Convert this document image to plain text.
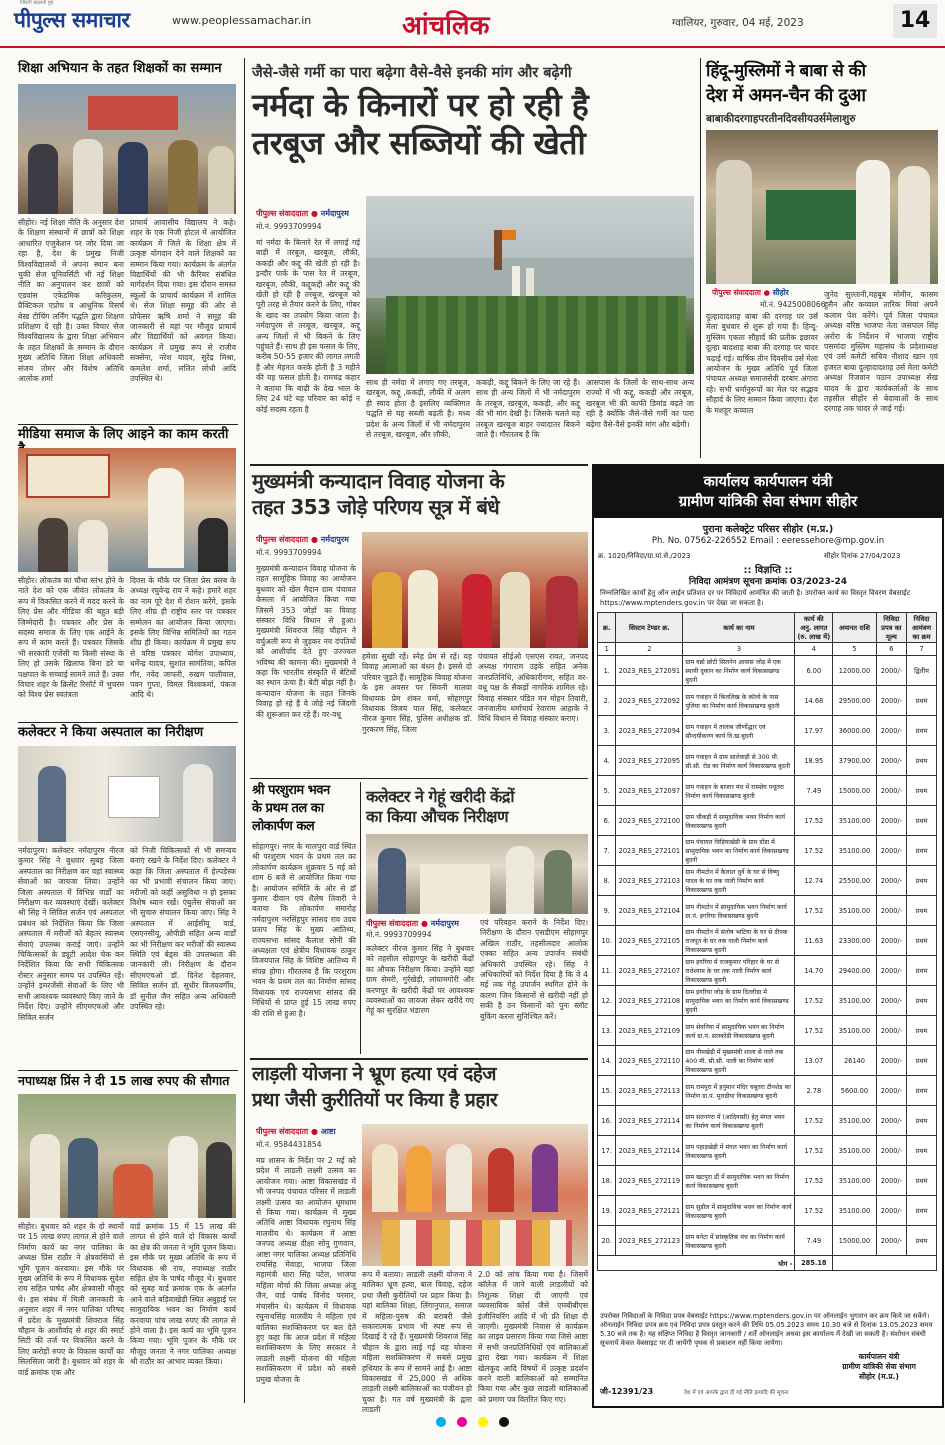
पीपुल्स समाचार
जिंदगी बदलती हुई
www.peoplessamachar.in	आंचलिक	ग्वालियर, गुरुवार, 04 मई, 2023	14
शिक्षा अभियान के तहत शिक्षकों का सम्मान
सीहोर। नई शिक्षा नीति के अनुसार देश के शिक्षण संस्थानों में छात्रों को शिक्षा आधारित एजुकेशन पर जोर दिया जा रहा है, देश के प्रमुख निजी विश्वविद्यालयों में अपना स्थान बना चुकी सेज यूनिवर्सिटी भी नई शिक्षा नीति का अनुपालन कर छात्रों को एडवांस एकेडमिक करिकुलम, प्रैक्टिकल एप्रोच व आधुनिक रिसर्च बेस्ड टीचिंग लर्निंग पद्धति द्वारा शिक्षण प्रशिक्षण दे रही है। उक्त विचार सेज विश्वविद्यालय के द्वारा शिक्षा अभियान के तहत शिक्षकों के सम्मान के दौरान मुख्य अतिथि जिला शिक्षा अधिकारी संजय तोमर और विशेष अतिथि आलोक शर्मा
प्राचार्य आवासीय विद्यालय ने कहे। शहर के एक निजी होटल में आयोजित कार्यक्रम में जिले के शिक्षा क्षेत्र में उत्कृष्ट योगदान देने वाले शिक्षकों का सम्मान किया गया। कार्यक्रम के अंतर्गत विद्यार्थियों की भी कैरियर संबंधित मार्गदर्शन दिया गया। इस दौरान समस्त स्कूलों के प्राचार्य कार्यक्रम में शामिल थे। सेज शिक्षा समूह की ओर से प्रोफेसर ऋषि शर्मा ने समूह की जानकारी से यहां पर मौजूद प्राचार्य और विद्यार्थियों को अवगत किया। कार्यक्रम में प्रमुख रूप से राजीव सक्सेना, नरेश यादव, सुरेंद्र मिश्रा, कमलेश शर्मा, ललित लोधी आदि उपस्थित थे।
मीडिया समाज के लिए आइने का काम करती
सीहोर। लोकतंत्र का चौथा स्तंभ होने के नाते देश को एक जीवंत लोकतंत्र के रूप में विकसित करने में मदद करने के लिए प्रेस और मीडिया की बहुत बड़ी जिम्मेदारी है। पत्रकार और प्रेस के सदस्य समाज के लिए एक आईने के रूप में काम करते हैं। पत्रकार जिसके भी सरकारी एजेंसी या किसी संस्था के लिए हो उसके खिलाफ बिना डरे या पक्षपात के सच्चाई सामने लाते हैं। उक्त विचार शहर के क्रिसेंट रिसॉर्ट में भुचरम को विश्व प्रेस स्वतंत्रता
दिवस के मौके पर जिला प्रेस क्लब के अध्यक्ष रघुवेन्द्र राय ने कहे। हमारे शहर का नाम पूरे देश में रोशन करेंगे, इसके लिए शीघ्र ही राष्ट्रीय स्तर पर पत्रकार सम्मेलन का आयोजन किया जाएगा। इसके लिए विभिन्न समितियों का गठन शीघ्र ही किया। कार्यक्रम में प्रमुख रूप से वरिष्ठ पत्रकार योगेश उपाध्याय, धर्मेन्द्र यादव, सुशांत सामंतिया, कपिल गौर, नवेद जाफरी, रुखम पालीवाल, पवन गुप्ता, विमल विश्वकर्मा, पंकज आदि थे।
कलेक्टर ने किया अस्पताल का निरीक्षण
नर्मदापुरम। कलेक्टर नर्मदापुरम नीरज कुमार सिंह ने बुधवार सुबह जिला अस्पताल का निरीक्षण कर वहां स्वास्थ्य सेवाओं का जायजा लिया। उन्होंने जिला अस्पताल में विभिन्न वार्डों का निरीक्षण कर व्यवस्थाएं देखीं। कलेक्टर श्री सिंह ने सिविल सर्जन एवं अस्पताल प्रबंधन को निर्देशित किया कि जिला अस्पताल में मरीजों को बेहतर स्वास्थ्य सेवाएं उपलब्ध कराई जाएं। उन्होंने चिकित्सकों के ड्यूटी आदेश चेक कर निर्देशित किया कि सभी चिकित्सक रोस्टर अनुसार समय पर उपस्थित रहें। उन्होंने इमरजेंसी सेवाओं के लिए भी सभी आवश्यक व्यवस्थाएं किए जाने के निर्देश दिए। उन्होंने सीएमएचओ और सिविल सर्जन
को निजी चिकित्सकों से भी समन्वय बनाएं रखने के निर्देश दिए। कलेक्टर ने कहा कि जिला अस्पताल में हेल्पडेस्क का भी प्रभावी संचालन किया जाए। मरीजों को कहीं असुविधा न हो इसका विशेष ध्यान रखें। एंबुलेंस सेवाओं का भी सुचारु संचालन किया जाए। सिंह ने अस्पताल में आईसीयू वार्ड, एसएनसीयू, ओपीडी सहित अन्य वार्डों का भी निरीक्षण कर मरीजों की स्वास्थ्य स्थिति एवं बेड्स की उपलब्धता की जानकारी ली। निरीक्षण के दौरान सीएमएचओ डॉ. दिनेश देहलवार, सिविल सर्जन डॉ. सुधीर विजयवर्गीय, डॉ सुनील जैन सहित अन्य अधिकारी उपस्थित रहे।
नपाध्यक्ष प्रिंस ने दी 15 लाख रुपए की सौगात
सीहोर। बुधवार को शहर के दो स्थानों पर 15 लाख रुपए लागत से होने वाले निर्माण कार्य का नगर पालिका के अध्यक्ष प्रिंस राठौर ने क्षेत्रवासियों से भूमि पूजन करवाया। इस मौके पर मुख्य अतिथि के रूप में विधायक सुदेश राय सहित पार्षद और क्षेत्रवासी मौजूद थे। इस संबंध में मिली जानकारी के अनुसार शहर में नगर पालिका परिषद में प्रदेश के मुख्यमंत्री शिवराज सिंह चौहान के आशीर्वाद से शहर की स्मार्ट सिटी की तर्ज पर विकसित करने के लिए करोड़ों रुपए के विकास कार्यों का सिलसिला जारी है। बुधवार को शहर के वार्ड क्रमांक एक और
वार्ड क्रमांक 15 में 15 लाख की लागत से होने वाले दो विकास कार्यों का क्षेत्र की जनता ने भूमि पूजन किया। इस मौके पर मुख्य अतिथि के रूप में विधायक श्री राय, नपाध्यक्ष राठौर सहित क्षेत्र के पार्षद मौजूद थे। बुधवार को सुबह वार्ड क्रमांक एक के अंतर्गत आने वाले बड़ियाखेड़ी स्थित अबुहाई पर सामुदायिक भवन का निर्माण कार्य करवाया पांच लाख रुपए की लागत से होने वाला है। इस कार्य का भूमि पूजन किया गया। भूमि पूजन के मौके पर मौजूद जनता ने नगर पालिका अध्यक्ष श्री राठौर का आभार व्यक्त किया।
जैसे-जैसे गर्मी का पारा बढ़ेगा वैसे-वैसे इनकी मांग और बढ़ेगी
नर्मदा के किनारों पर हो रही है
तरबूज और सब्जियों की खेती
पीपुल्स संवाददाता ● नर्मदापुरम
मो.नं. 9993709994
मां नर्मदा के किनारे रेत में लगाई गई बाड़ी में तरबूज, खरबूज, लौकी, ककड़ी और कद्दू की खेती हो रही है। इन्दौर पार्क के पास रेत में तरबूज, खरबूज, लौकी, कद्दूकद्दी और कद्दू की खेती हो रही है तरबूज, खरबूज को पूरी तरह से तैयार करने के लिए, गोबर के खाद का उपयोग किया जाता है। नर्मदापुरम से तरबूज, खरबूज, कद्दू अन्य जिलों में भी बिकने के लिए पहुंचते हैं। साथ ही इस फसल के लिए, करीब 50-55 हजार की लागत लगती है और मेहनत करके होती है 3 महीने की यह फसल होती है। रामचंद्र कहार ने बताया कि बाढ़ी के देख भाल के लिए 24 घंटे यह परिवार का कोई न कोई सदस्य रहता है
साथ ही नर्मदा में लगाए गए तरबूज, खरबूज, कद्दू ,ककड़ी, लौकी में अलग ही स्वाद होता है इसलिए व्यक्तिगत पद्धति से यह सब्जी बढ़ती है। मध्य प्रदेश के अन्य जिलों में भी नर्मदापुरम से तरबूज, खरबूज, और लौकी,
ककड़ी, कद्दू बिकने के लिए जा रहे हैं। साथ ही अन्य जिलों में भी नर्मदापुरम के तरबूज, खरबूज, ककड़ी, और कद्दू की भी मांग देखी है। जिसके चलते यह तरबूज खरबूज बाहर ज्यादातर बिकने जाते हैं। गौरतलब है कि
आसपास के जिलों के साथ-साथ अन्य राज्यों में भी कद्दू, ककड़ी और तरबूज, खरबूज भी की काफी डिमांड बढ़ते जा रही है क्योंकि जैसे-जैसे गर्मी का पारा बढ़ेगा वैसे-वैसे इनकी मांग और बढ़ेगी।
हिंदू-मुस्लिमों ने बाबा से की
देश में अमन-चैन की दुआ
बाबाकीदरगाहपरतीनदिवसीयउर्समेलाशुरु
पीपुल्स संवाददाता ● सीहोर
मो.नं. 9425008066
दुल्हादादशाह बाबा की दरगाह पर उर्स मेला बुधवार से शुरू हो गया है। हिन्दू-मुस्लिम एकता सौहार्द की प्रतीक इछावर दूल्हा बादशाह बाबा की दरगाह पर चादर चढ़ाई गई। वार्षिक तीन दिवसीय उर्स मेला आयोजन के मुख्य अतिथि पूर्व जिला पंचायत अध्यक्ष समाजसेवी दरबार अंगारा रहे। सभी धर्मानुरूपों का मेल पर सद्भाव सौहार्द के लिए सम्मान किया जाएगा। देश के मशहूर कव्वाल
जुनेद सुल्तानी,महबूब मोमीन, कासम हुसैन और कव्वाल तारिक मियां अपने कलाम पेश करेंगे। पूर्व जिला पंचायत अध्यक्ष वरिष्ठ भाजपा नेता जसपाल सिंह अरोरा के निर्देशन में भाजपा राष्ट्रीय पसमांदा मुस्लिम महासंघ के प्रदेशाध्यक्ष एवं उर्स कमेटी सचिव नौशाद खान एवं हजरत बाबा दुल्हादादशाह उर्स मेला कमेटी अध्यक्ष रिजवान पठान उपाध्यक्ष सेख यादव के द्वारा कार्यकर्ताओं के साथ तहसील सीहोर से बेदावाओं के साथ दरगाह तक चादर ले जाई गई।
मुख्यमंत्री कन्यादान विवाह योजना के
तहत 353 जोड़े परिणय सूत्र में बंधे
पीपुल्स संवाददाता ● नर्मदापुरम
मो.नं. 9993709994
मुख्यमंत्री कन्यादान विवाह योजना के तहत सामूहिक विवाह का आयोजन बुधवार को खेल मैदान ग्राम पंचायत केसला में आयोजित किया गया जिसमें 353 जोड़ों का विवाह संस्कार विधि विधान से हुआ। मुख्यमंत्री शिवराज सिंह चौहान ने वर्चुअली रूप से जुड़कर नव दंपतियों को आशीर्वाद देते हुए उज्ज्वल भविष्य की कामना की। मुख्यमंत्री ने कहा कि भारतीय संस्कृति में बेटियों का स्थान ऊंचा है। बेटी बोझ नहीं है। कन्यादान योजना के तहत जिनके विवाह हो रहे हैं वे जोड़े नई जिंदगी की शुरूआत कर रहे हैं। वर-वधू
हमेशा सुखी रहें। स्नेह प्रेम से रहें। यह विवाह आत्माओं का बंधन है। इससे दो परिवार जुड़ते हैं। सामूहिक विवाह योजना के इस अवसर पर सिवनी मालवा विधायक प्रेम शंकर वर्मा, सोहागपुर विधायक विजय पाल सिंह, कलेक्टर नीरज कुमार सिंह, पुलिस अधीक्षक डॉ. गुरकरण सिंह, जिला
पंचायत सीईओ एसएस रावत, जनपद अध्यक्ष गंगाराम उइके सहित अनेक जनप्रतिनिधि, अधिकारीगण, सहित वर-वधू पक्ष के सैकड़ों नागरिक शामिल रहे। विवाह संस्कार पंडित मन मोहन तिवारी, जनजातीय धर्माचार्य रेवाराम आहाके ने विधि विधान से विवाह संस्कार कराए।
श्री परशुराम भवन
के प्रथम तल का
लोकार्पण कल
सोहागपुर। नगर के मालपुरा वार्ड स्थित श्री परशुराम भवन के प्रथम तल का लोकार्पण कार्यक्रम शुक्रवार 5 मई को शाम 6 बजे से आयोजित किया गया है। आयोजन समिति के ओर से डॉ कुमार दीवान एवं शैलेष तिवारी ने बताया कि लोकार्पण समारोह नर्मदापुरम नरसिंहपुर सांसद राव उदय प्रताप सिंह के मुख्य आतिथ्य, राज्यसभा सांसद कैलाश सोनी की अध्यक्षता एवं क्षेत्रीय विधायक ठाकुर विजयपाल सिंह के विशिष्ट आतिथ्य में संपन्न होगा। गौरतलब है कि परशुराम भवन के प्रथम तल का निर्माण सांसद विधायक एवं राज्यसभा सांसद की निधियों से प्राप्त हुई 15 लाख रुपए की राशि से हुआ है।
कलेक्टर ने गेहूं खरीदी केंद्रों
का किया औचक निरीक्षण
पीपुल्स संवाददाता ● नर्मदापुरम
मो.नं. 9993709994
कलेक्टर नीरज कुमार सिंह ने बुधवार को तहसील सोहागपुर के खरीदी केंद्रों का औचक निरीक्षण किया। उन्होंने यहां ग्राम सेमरी, गुर्रखेड़ी, लांघामगोरी और करणपुर के खरीदी केंद्रों पर आवश्यक व्यवस्थाओं का जायजा लेकर खरीदे गए गेहूं का सुरक्षित भंडारण
एवं परिवहन कराने के निर्देश दिए। निरीक्षण के दौरान एसडीएम सोहागपुर अखिल राठौर, तहसीलदार आलोक एक्का सहित अन्य उपार्जन संबंधी अधिकारी उपस्थित रहे। सिंह ने अधिकारियों को निर्देश दिया है कि वे 4 मई तक गेहूं उपार्जन स्थगित होने के कारण जिन किसानों से खरीदी नहीं हो सकी है उन किसानों को पुनः स्लॉट बुकिंग करना सुनिश्चित करें।
लाड़ली योजना ने भ्रूण हत्या एवं दहेज
प्रथा जैसी कुरीतियों पर किया है प्रहार
पीपुल्स संवाददाता ● आष्टा
मो.नं. 9584431854
मप्र शासन के निर्देश पर 2 मई को प्रदेश में लाडली लक्ष्मी उत्सव का आयोजन गया। आष्टा विकासखंड में भी जनपद पंचायत परिसर में लाडली लक्ष्मी उत्सव का आयोजन धूमधाम से किया गया। कार्यक्रम में मुख्य अतिथि आष्टा विधायक रघुनाथ सिंह मालवीय थे। कार्यक्रम में आष्टा जनपद अध्यक्ष दीक्षा सोनू गुणवान, आष्टा नगर पालिका अध्यक्ष प्रतिनिधि रायसिंह मेवाड़ा, भाजपा जिला महामंत्री धारा सिंह पटेल, भाजपा महिला मोर्चा की जिला अध्यक्ष अंजू जैन, वार्ड पार्षद विनोद परमार, मंचासीन थे। कार्यक्रम में विधायक रघुनाथसिंह मालवीय ने महिला एवं बालिका सशक्तिकरण पर बल देते हुए कहा कि आज प्रदेश में महिला सशक्तिकरण के लिए सरकार ने लाडली लक्ष्मी योजना की महिला सशक्तिकरण में प्रदेश को सबसे प्रमुख योजना के
रूप में बताया। लाडली लक्ष्मी योजना ने बालिका भ्रूण हत्या, बाल विवाह, दहेज प्रथा जैसी कुरीतियों पर प्रहार किया है। यहां बालिका शिक्षा, लिंगानुपात, समाज में महिला-पुरुष की बराबरी जैसे सकारात्मक प्रभाव भी स्पष्ट रूप से दिखाई दे रहे हैं। मुख्यमंत्री शिवराज सिंह चौहान के द्वारा लाई गई यह योजना महिला सशक्तिकरण में सबसे प्रमुख हथियार के रूप में सामने आई है। आष्टा विकासखंड में 25,000 से अधिक लाड़ली लक्ष्मी बालिकाओं का पंजीयन हो चुका है। गत वर्ष मुख्यमंत्री के द्वारा लाडली
2.0 को लांच किया गया है। जिसमें कॉलेज में जाने वाली लाड़लीयों को निशुल्क शिक्षा दी जाएगी एवं व्यवसायिक कोर्स जैसे एमबीबीएस इंजीनियरिंग आदि में भी फ्री शिक्षा दी जाएगी। मुख्यमंत्री निवास से कार्यक्रम का लाइव प्रसारण किया गया जिसे आष्टा में सभी जनप्रतिनिधियों एवं बालिकाओं द्वारा देखा गया। कार्यक्रम में शिक्षा खेलकूद आदि विषयों में उत्कृष्ट प्रदर्शन करने वाली बालिकाओं को सम्मानित किया गया और कुछ लाडली बालिकाओं को प्रमाण पत्र वितरित किए गए।
कार्यालय कार्यपालन यंत्री
ग्रामीण यांत्रिकी सेवा संभाग सीहोर
पुराना कलेक्ट्रेट परिसर सीहोर (म.प्र.)
Ph. No. 07562-226552 Email : eeressehore@mp.gov.in
क्र. 1020/निविदा/ग्रा.यां.से./2023	सीहोर दिनांक 27/04/2023
:: विज्ञप्ति ::
निविदा आमंत्रण सूचना क्रमांक 03/2023-24
निम्नलिखित कार्यों हेतु ऑन लाईन प्रतिशत दर पर निविदायें आमंत्रित की जाती है। उपरोक्त कार्य का विस्तृत विवरण वेबसाईट https://www.mptenders.gov.in पर देखा जा सकता है।
क्र.	सिस्टम टेण्डर क्र.	कार्य का नाम	कार्य की अनु. लागत (रु. लाख में)	अमानत राशि	निविदा प्रपत्र का मूल्य	निविदा आमंत्रण का क्रम
1	2	3	4	5	6	7
1.	2023_RES_272091	ग्राम वन्नो छोटी सिलनेन आवास जोड़ में एक स्थायी दुकान का निर्माण कार्य विकासखण्ड बुदनी	6.00	12000.00	2000/-	द्वितीय
2.	2023_RES_272092	ग्राम गवाहन में कितलिख के कॉलो के पास पुलिया का निर्माण कार्य विकासखण्ड बुदनी	14.68	29500.00	2000/-	प्रथम
3.	2023_RES_272094	ग्राम गवाहन में तालाब जीर्णोद्धार एवं सौन्दर्यीकरण कार्य वि.ख.बुदनी	17.97	36000.00	2000/-	प्रथम
4.	2023_RES_272095	ग्राम गवाहन में ग्राम सालेवाड़ी से 300 मी. सी.सी. रोड का निर्माण कार्य विकासखण्ड बुदनी	18.95	37900.00	2000/-	प्रथम
5.	2023_RES_272097	ग्राम गवाहन के बाजार मंच में रामसेघ पचूतरा निर्माण कार्य विकासखण्ड बुदनी	7.49	15000.00	2000/-	प्रथम
6.	2023_RES_272100	ग्राम चौकड़ी में सामुदायिक भवन निर्माण कार्य विकासखण्ड बुदनी	17.52	35100.00	2000/-	प्रथम
7.	2023_RES_272101	ग्राम पंचायत चिड़ियाखेडी के ग्राम डोंडा में सामुदायिक भवन का निर्माण कार्य विकासखण्ड बुदनी	17.52	35100.00	2000/-	प्रथम
8.	2023_RES_272103	ग्राम नीमटोन में कैलाश धुर्वे के घर से विष्णु यादव के घर तक नाली निर्माण कार्य विकासखण्ड बुदनी	12.74	25500.00	2000/-	प्रथम
9.	2023_RES_272104	ग्राम नीमटोन में सामुदायिक भवन निर्माण कार्य ग्रा.पं. इगरिया विकासखण्ड बुदनी	17.52	35100.00	2000/-	प्रथम
10.	2023_RES_272105	ग्राम नीमटोन में संतोष भाटिया के घर से दीपक राजपूत के घर तक नाली निर्माण कार्य विकासखण्ड बुदनी	11.63	23300.00	2000/-	प्रथम
11.	2023_RES_272107	ग्राम इगरिया में राजकुमार परिहार के घर से राधेश्याम के घर तक नाली निर्माण कार्य विकासखण्ड बुदनी	14.70	29400.00	2000/-	प्रथम
12.	2023_RES_272108	ग्राम इगरिया जोड़ के ग्राम दिल्लीडा में सामुदायिक भवन का निर्माण कार्य विकासखण्ड बुदनी	17.52	35100.00	2000/-	प्रथम
13.	2023_RES_272109	ग्राम सेवनिया में सामुदायिक भवन का निर्माण कार्य ग्रा.पं. सलकोडी विकासखण्ड बुदनी	17.52	35100.00	2000/-	प्रथम
14.	2023_RES_272110	ग्राम नीमखेड़ी में मुख्यमंत्री शाला से नाले तक 400 मी. सी.सी. नाली का निर्माण कार्य विकासखण्ड बुदनी	13.07	26140	2000/-	प्रथम
15.	2023_RES_272113	ग्राम रामपुरा में हनुमान मंदिर चबूतरा टीनशेड का निर्माण ग्रा.पं. मुराडीया विकासखण्ड बुदनी	2.78	5600.00	2000/-	प्रथम
16.	2023_RES_272114	ग्राम सतनगरा में (आदिवासी) हेतु मंगल भवन का निर्माण कार्य विकासखण्ड बुदनी	17.52	35100.00	2000/-	प्रथम
17.	2023_RES_272114	ग्राम पहाड़खेड़ी में मंगल भवन का निर्माण कार्य विकासखण्ड बुदनी	17.52	35100.00	2000/-	प्रथम
18.	2023_RES_272119	ग्राम खटपुरा ढीं में सामुदायिक भवन का निर्माण कार्य विकासखण्ड बुदनी	17.52	35100.00	2000/-	प्रथम
19.	2023_RES_272121	ग्राम सुडौल में सामुदायिक भवन का निर्माण कार्य विकासखण्ड बुदनी	17.52	35100.00	2000/-	प्रथम
20.	2023_RES_272123	ग्राम बनेटा में सांस्कृतिक मंच का निर्माण कार्य विकासखण्ड बुदनी	7.49	15000.00	2000/-	प्रथम
योग -			285.18			
उपरोक्त निविदाओं के निविदा प्रपत्र वेबसाईट https://www.mptenders.gov.in पर ऑनलाईन भुगतान कर क्रय किये जा सकेंगे। ऑनलाईन निविदा प्रपत्र क्रय एवं निविदा प्रपत्र प्रस्तुत करने की तिथि 05.05.2023 समय 10.30 बजे से दिनांक 13.05.2023 समय 5.30 बजे तक है। यह संक्षिप्त निविदा है विस्तृत जानकारी / शर्तें ऑनलाईन अथवा इस कार्यालय में देखी जा सकती है। संशोधन संबंधी सूचनायें केवल वेबसाइट पर दी जायेंगी पृथक से प्रकाशन नहीं किया जायेगा।
कार्यपालन यंत्री
ग्रामीण यांत्रिकी सेवा संभाग
सीहोर (म.प्र.)
जी-12391/23	देश में एवं आपके द्वारा दी गई नीति इत्यादि की सूचना
